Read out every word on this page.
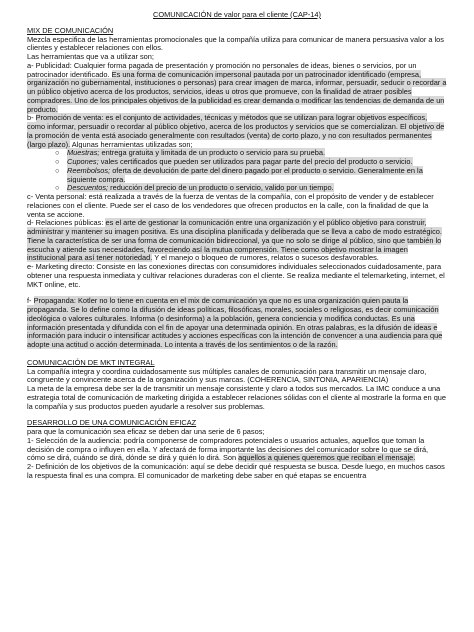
COMUNICACIÓN de valor para el cliente (CAP-14)
MIX DE COMUNICACIÓN

Mezcla especifica de las herramientas promocionales que la compañía utiliza para comunicar de manera persuasiva valor a los clientes y establecer relaciones con ellos.

Las herramientas que va a utilizar son;

a- Publicidad: Cualquier forma pagada de presentación y promoción no personales de ideas, bienes o servicios, por un patrocinador identificado. Es una forma de comunicación impersonal pautada por un patrocinador identificado (empresa, organización no gubernamental, instituciones o personas) para crear imagen de marca, informar, persuadir, seducir o recordar a un público objetivo acerca de los productos, servicios, ideas u otros que promueve, con la finalidad de atraer posibles compradores. Uno de los principales objetivos de la publicidad es crear demanda o modificar las tendencias de demanda de un producto.

b- Promoción de venta: es el conjunto de actividades, técnicas y métodos que se utilizan para lograr objetivos específicos, como informar, persuadir o recordar al público objetivo, acerca de los productos y servicios que se comercializan. El objetivo de la promoción de venta está asociado generalmente con resultados (venta) de corto plazo, y no con resultados permanentes (largo plazo). Algunas herramientas utilizadas son;

○ Muestras; entrega gratuita y limitada de un producto o servicio para su prueba.

○ Cupones; vales certificados que pueden ser utilizados para pagar parte del precio del producto o servicio.

○ Reembolsos; oferta de devolución de parte del dinero pagado por el producto o servicio. Generalmente en la siguiente compra.

○ Descuentos; reducción del precio de un producto o servicio, valido por un tiempo.

c- Venta personal: está realizada a través de la fuerza de ventas de la compañía, con el propósito de vender y de establecer relaciones con el cliente. Puede ser el caso de los vendedores que ofrecen productos en la calle, con la finalidad de que la venta se accione.

d- Relaciones públicas: es el arte de gestionar la comunicación entre una organización y el público objetivo para construir, administrar y mantener su imagen positiva. Es una disciplina planificada y deliberada que se lleva a cabo de modo estratégico. Tiene la característica de ser una forma de comunicación bidireccional, ya que no solo se dirige al público, sino que también lo escucha y atiende sus necesidades, favoreciendo así la mutua comprensión. Tiene como objetivo mostrar la imagen institucional para así tener notoriedad. Y el manejo o bloqueo de rumores, relatos o sucesos desfavorables.

e- Marketing directo: Consiste en las conexiones directas con consumidores individuales seleccionados cuidadosamente, para obtener una respuesta inmediata y cultivar relaciones duraderas con el cliente. Se realiza mediante el telemarketing, internet, el MKT online, etc.

f- Propaganda: Kotler no lo tiene en cuenta en el mix de comunicación ya que no es una organización quien pauta la propaganda. Se lo define como la difusión de ideas políticas, filosóficas, morales, sociales o religiosas, es decir comunicación ideológica o valores culturales. Informa (o desinforma) a la población, genera conciencia y modifica conductas. Es una información presentada y difundida con el fin de apoyar una determinada opinión. En otras palabras, es la difusión de ideas e información para inducir o intensificar actitudes y acciones específicas con la intención de convencer a una audiencia para que adopte una actitud o acción determinada. Lo intenta a través de los sentimientos o de la razón.

COMUNICACIÓN DE MKT INTEGRAL

La compañía integra y coordina cuidadosamente sus múltiples canales de comunicación para transmitir un mensaje claro, congruente y convincente acerca de la organización y sus marcas. (COHERENCIA, SINTONIA, APARIENCIA)

La meta de la empresa debe ser la de transmitir un mensaje consistente y claro a todos sus mercados. La IMC conduce a una estrategia total de comunicación de marketing dirigida a establecer relaciones sólidas con el cliente al mostrarle la forma en que la compañía y sus productos pueden ayudarle a resolver sus problemas.

DESARROLLO DE UNA COMUNICACIÓN EFICAZ

para que la comunicación sea eficaz se deben dar una serie de 6 pasos;

1- Selección de la audiencia: podría componerse de compradores potenciales o usuarios actuales, aquellos que toman la decisión de compra o influyen en ella. Y afectará de forma importante las decisiones del comunicador sobre lo que se dirá, cómo se dirá, cuándo se dirá, dónde se dirá y quién lo dirá. Son aquellos a quienes queremos que reciban el mensaje.

2- Definición de los objetivos de la comunicación: aquí se debe decidir qué respuesta se busca. Desde luego, en muchos casos la respuesta final es una compra. El comunicador de marketing debe saber en qué etapas se encuentra
